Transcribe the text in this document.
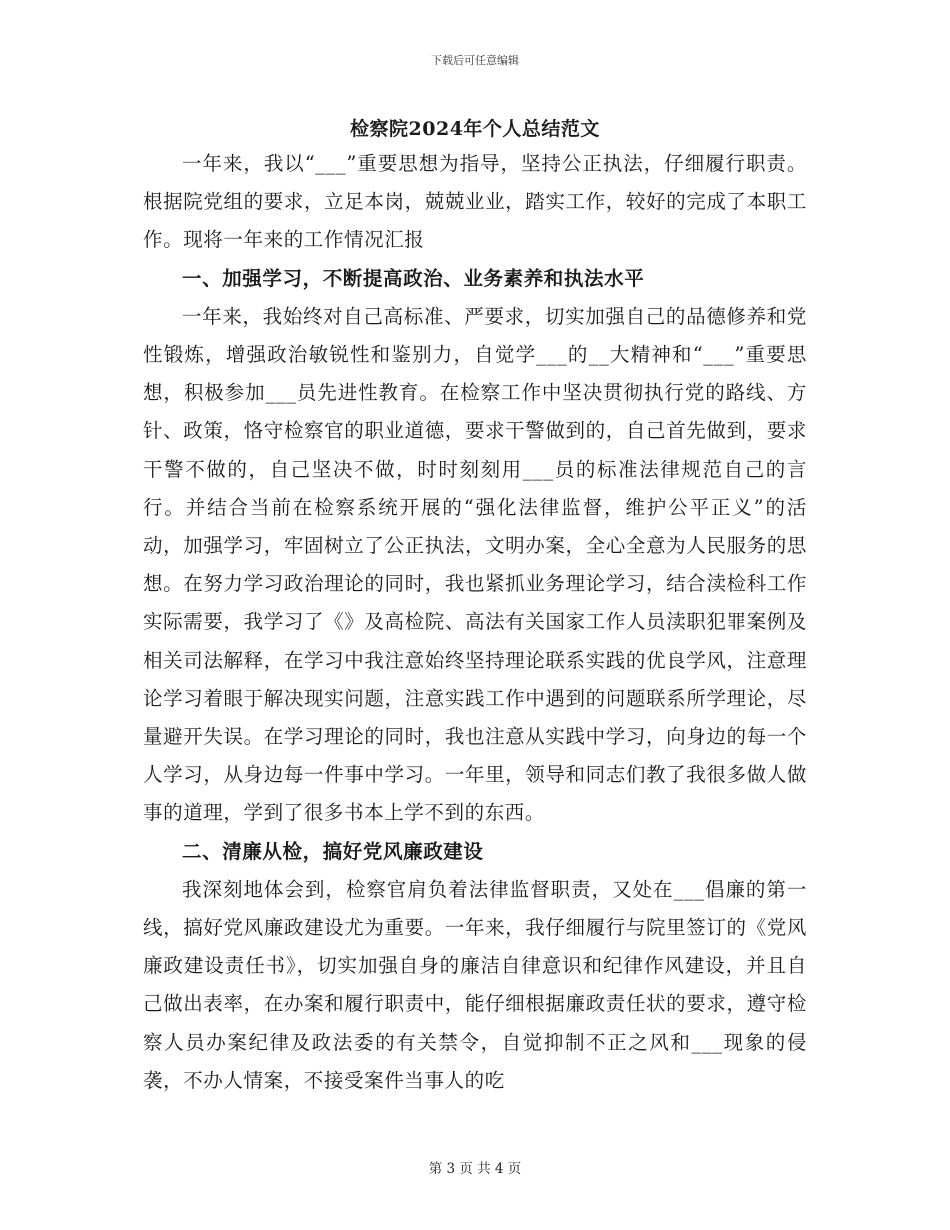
下载后可任意编辑
检察院2024年个人总结范文

一年来，我以“___”重要思想为指导，坚持公正执法，仔细履行职责。根据院党组的要求，立足本岗，兢兢业业，踏实工作，较好的完成了本职工作。现将一年来的工作情况汇报

一、加强学习，不断提高政治、业务素养和执法水平

一年来，我始终对自己高标准、严要求，切实加强自己的品德修养和党性锻炼，增强政治敏锐性和鉴别力，自觉学___的__大精神和“___”重要思想，积极参加___员先进性教育。在检察工作中坚决贯彻执行党的路线、方针、政策，恪守检察官的职业道德，要求干警做到的，自己首先做到，要求干警不做的，自己坚决不做，时时刻刻用___员的标准法律规范自己的言行。并结合当前在检察系统开展的“强化法律监督，维护公平正义”的活动，加强学习，牢固树立了公正执法，文明办案，全心全意为人民服务的思想。在努力学习政治理论的同时，我也紧抓业务理论学习，结合渎检科工作实际需要，我学习了《》及高检院、高法有关国家工作人员渎职犯罪案例及相关司法解释，在学习中我注意始终坚持理论联系实践的优良学风，注意理论学习着眼于解决现实问题，注意实践工作中遇到的问题联系所学理论，尽量避开失误。在学习理论的同时，我也注意从实践中学习，向身边的每一个人学习，从身边每一件事中学习。一年里，领导和同志们教了我很多做人做事的道理，学到了很多书本上学不到的东西。

二、清廉从检，搞好党风廉政建设

我深刻地体会到，检察官肩负着法律监督职责，又处在___倡廉的第一线，搞好党风廉政建设尤为重要。一年来，我仔细履行与院里签订的《党风廉政建设责任书》，切实加强自身的廉洁自律意识和纪律作风建设，并且自己做出表率，在办案和履行职责中，能仔细根据廉政责任状的要求，遵守检察人员办案纪律及政法委的有关禁令，自觉抑制不正之风和___现象的侵袭，不办人情案，不接受案件当事人的吃

第 3 页 共 4 页
